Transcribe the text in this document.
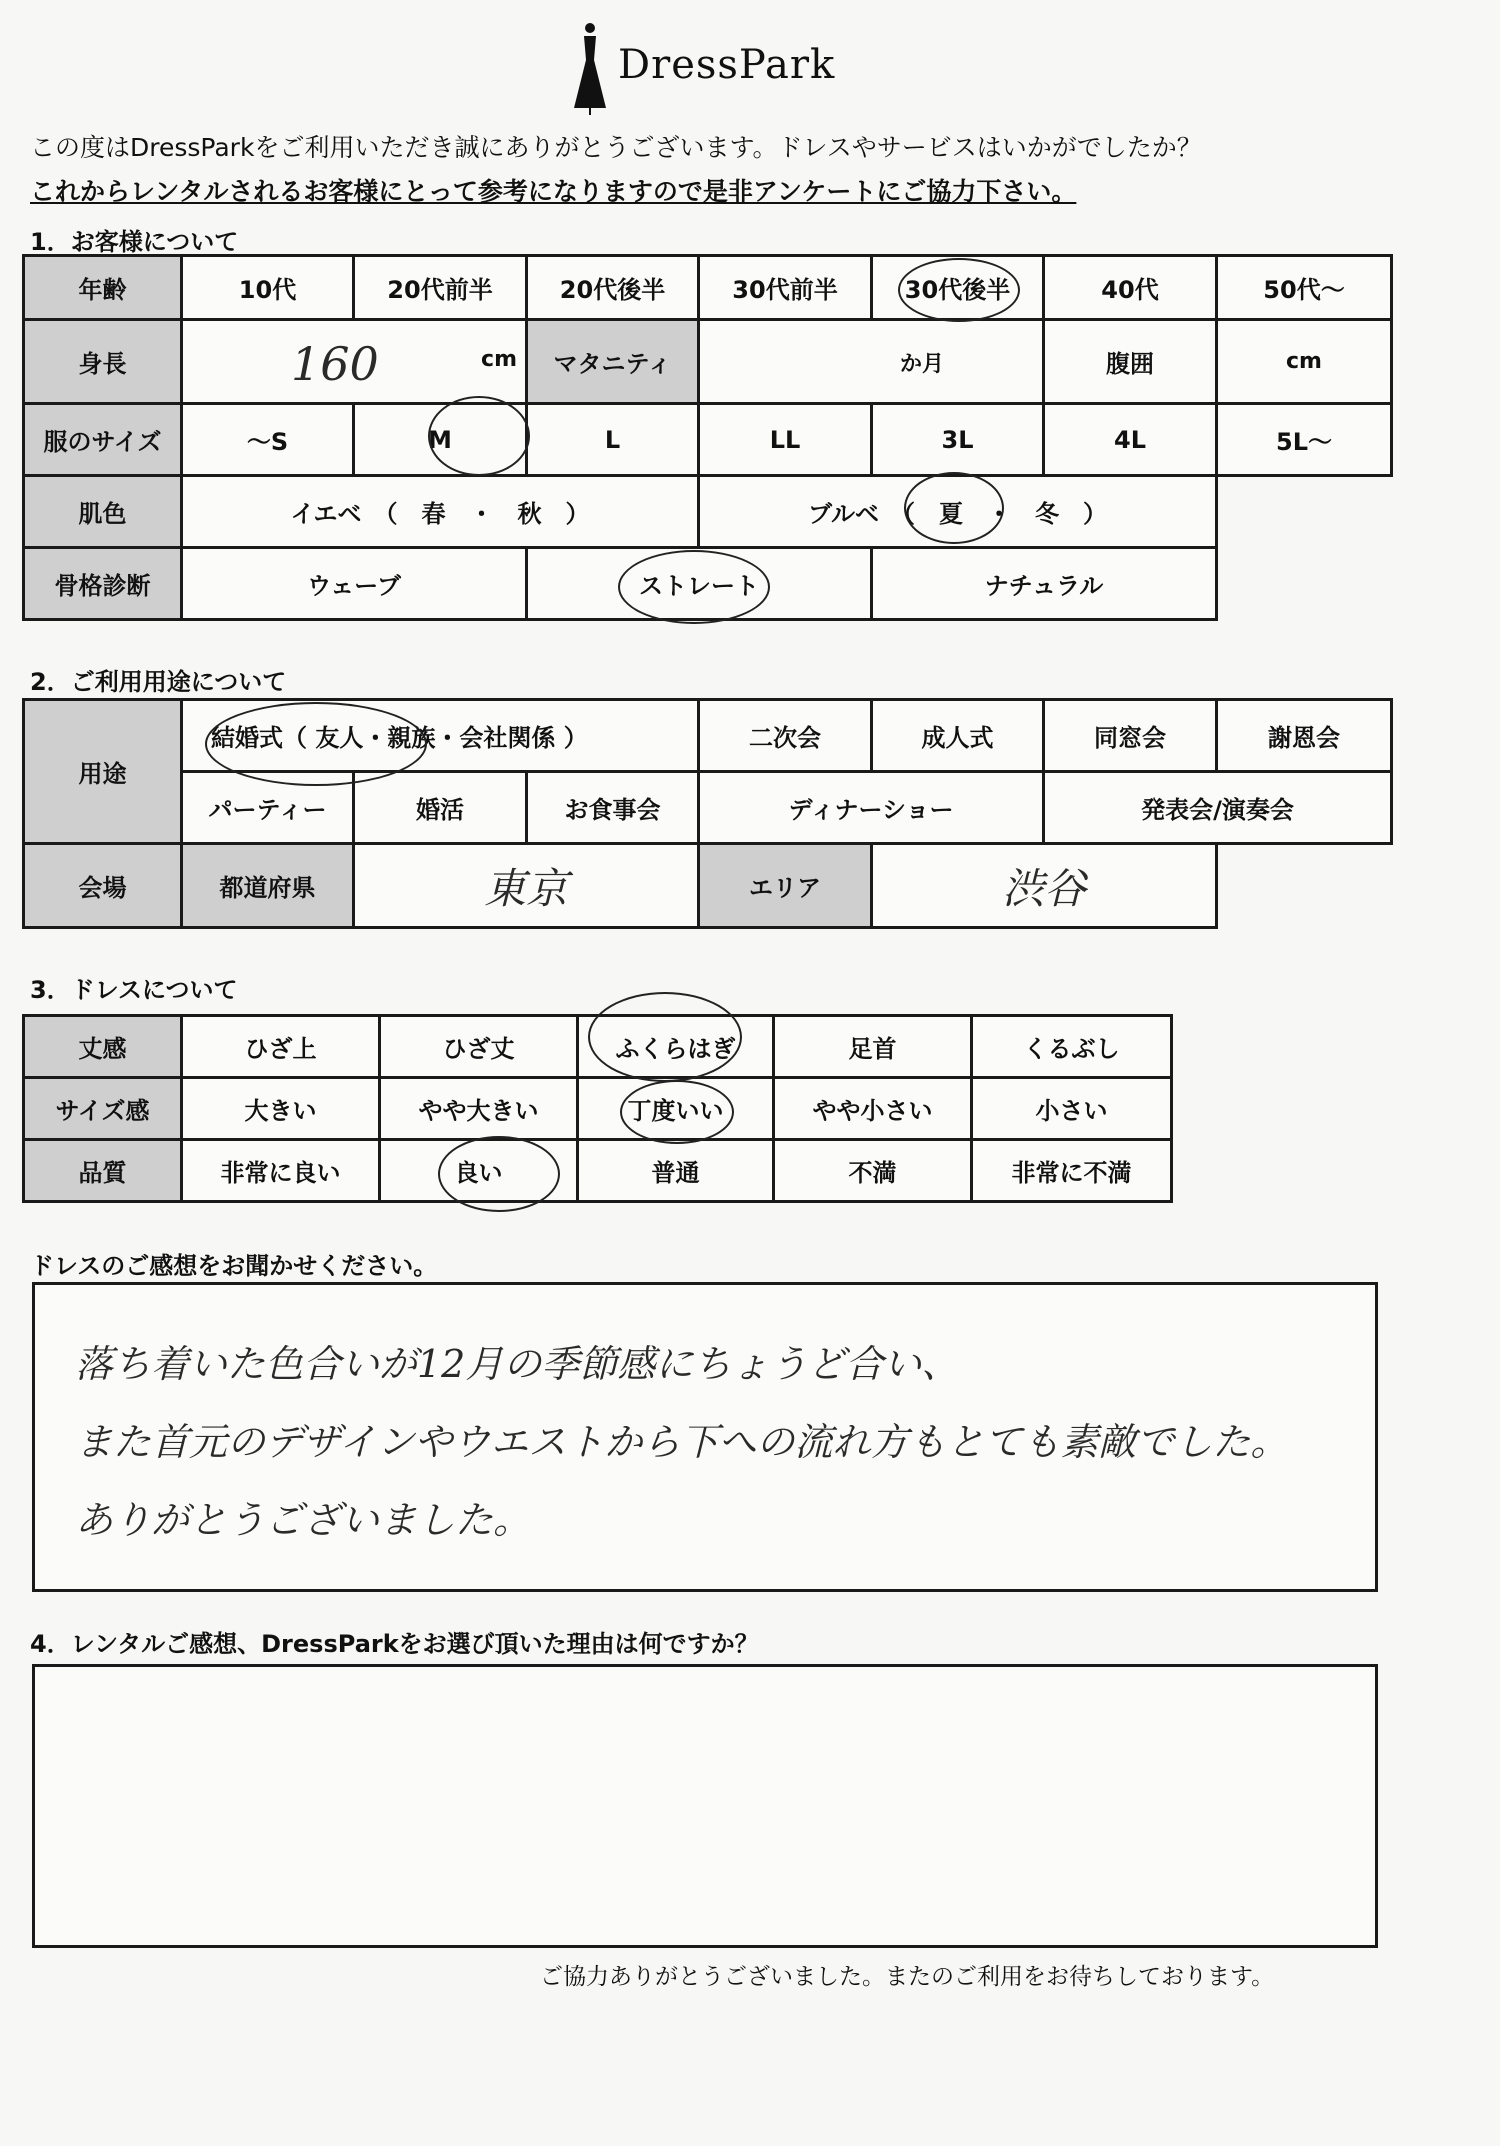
DressPark
この度はDressParkをご利用いただき誠にありがとうございます。ドレスやサービスはいかがでしたか？
これからレンタルされるお客様にとって参考になりますので是非アンケートにご協力下さい。
1．お客様について
年齢	10代	20代前半	20代後半	30代前半	30代後半	40代	50代〜
身長	160 cm		マタニティ	か月		腹囲	cm
服のサイズ	〜S	M	L	LL	3L	4L	5L〜
肌色	イエベ　（　春　・　秋　）			ブルベ　（　夏　・　冬　）			
骨格診断	ウェーブ		ストレート		ナチュラル		
2．ご利用用途について
用途	結婚式（ 友人・親族・会社関係 ）			二次会	成人式	同窓会	謝恩会
	パーティー	婚活	お食事会	ディナーショー		発表会/演奏会	
会場	都道府県	東京		エリア	渋谷		
3．ドレスについて
丈感	ひざ上	ひざ丈	ふくらはぎ	足首	くるぶし
サイズ感	大きい	やや大きい	丁度いい	やや小さい	小さい
品質	非常に良い	良い	普通	不満	非常に不満
ドレスのご感想をお聞かせください。
落ち着いた色合いが12月の季節感にちょうど合い、
また首元のデザインやウエストから下への流れ方もとても素敵でした。
ありがとうございました。
4．レンタルご感想、DressParkをお選び頂いた理由は何ですか？
ご協力ありがとうございました。またのご利用をお待ちしております。
